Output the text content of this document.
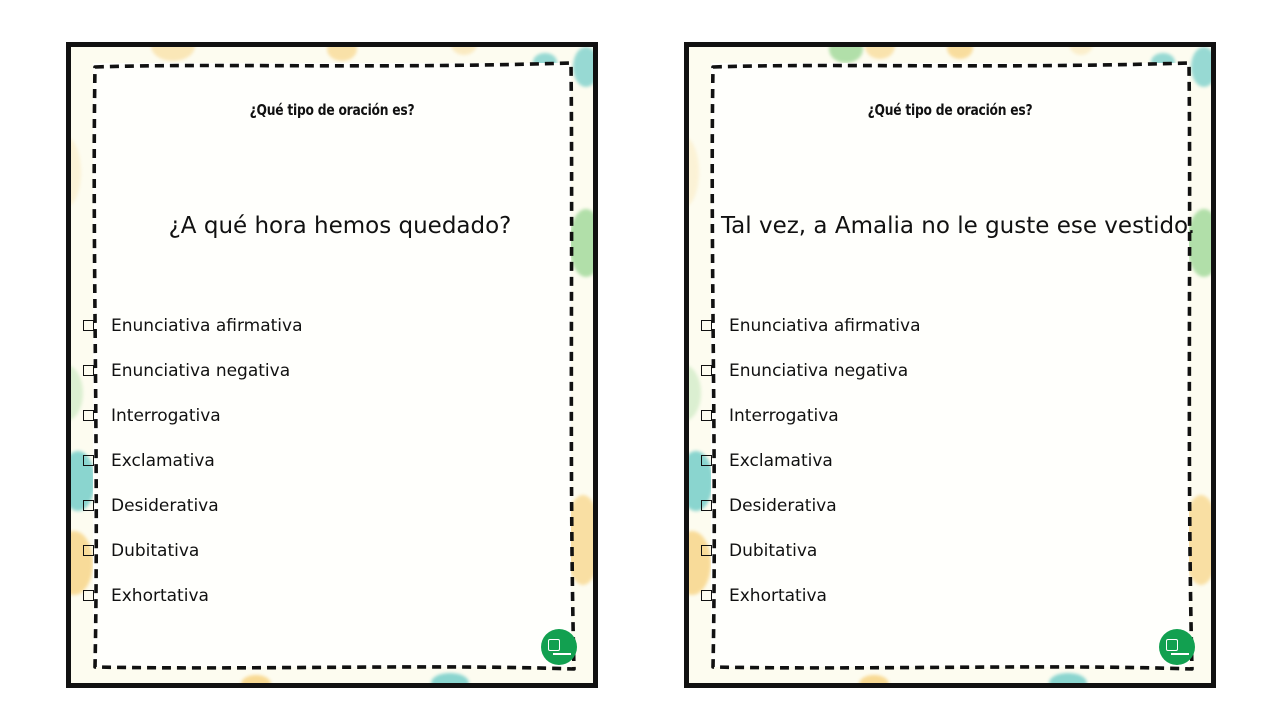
¿Qué tipo de oración es?
¿A qué hora hemos quedado?
Enunciativa afirmativa
Enunciativa negativa
Interrogativa
Exclamativa
Desiderativa
Dubitativa
Exhortativa
¿Qué tipo de oración es?
Tal vez, a Amalia no le guste ese vestido.
Enunciativa afirmativa
Enunciativa negativa
Interrogativa
Exclamativa
Desiderativa
Dubitativa
Exhortativa
